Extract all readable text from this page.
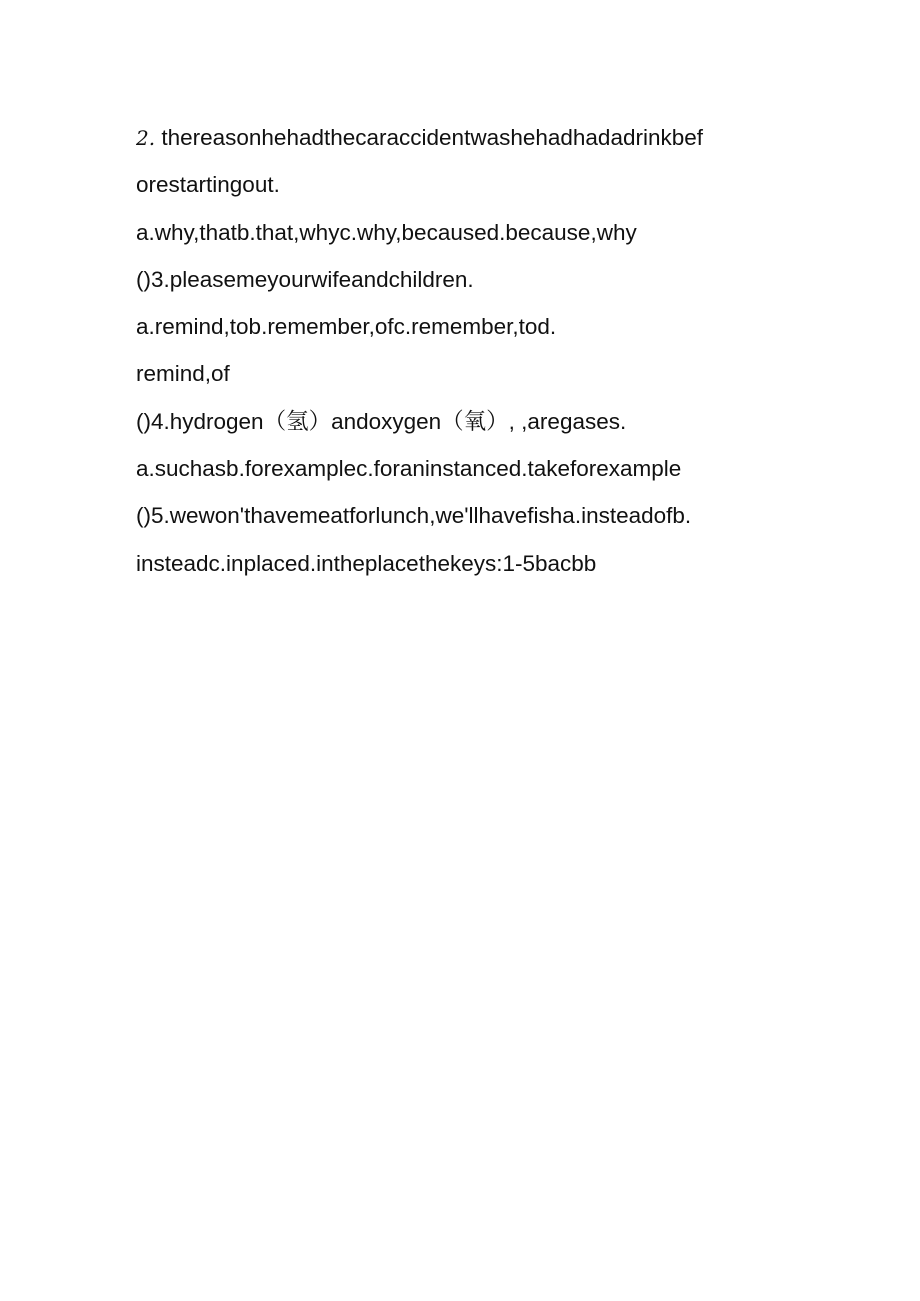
2. thereasonhehadthecaraccidentwashehadhadadrinkbef
orestartingout.
a.why,thatb.that,whyc.why,becaused.because,why
()3.pleasemeyourwifeandchildren.
a.remind,tob.remember,ofc.remember,tod.
remind,of
()4.hydrogen（氢）andoxygen（氧）, ,aregases.
a.suchasb.forexamplec.foraninstanced.takeforexample
()5.wewon'thavemeatforlunch,we'llhavefisha.insteadofb.
insteadc.inplaced.intheplacethekeys:1-5bacbb
